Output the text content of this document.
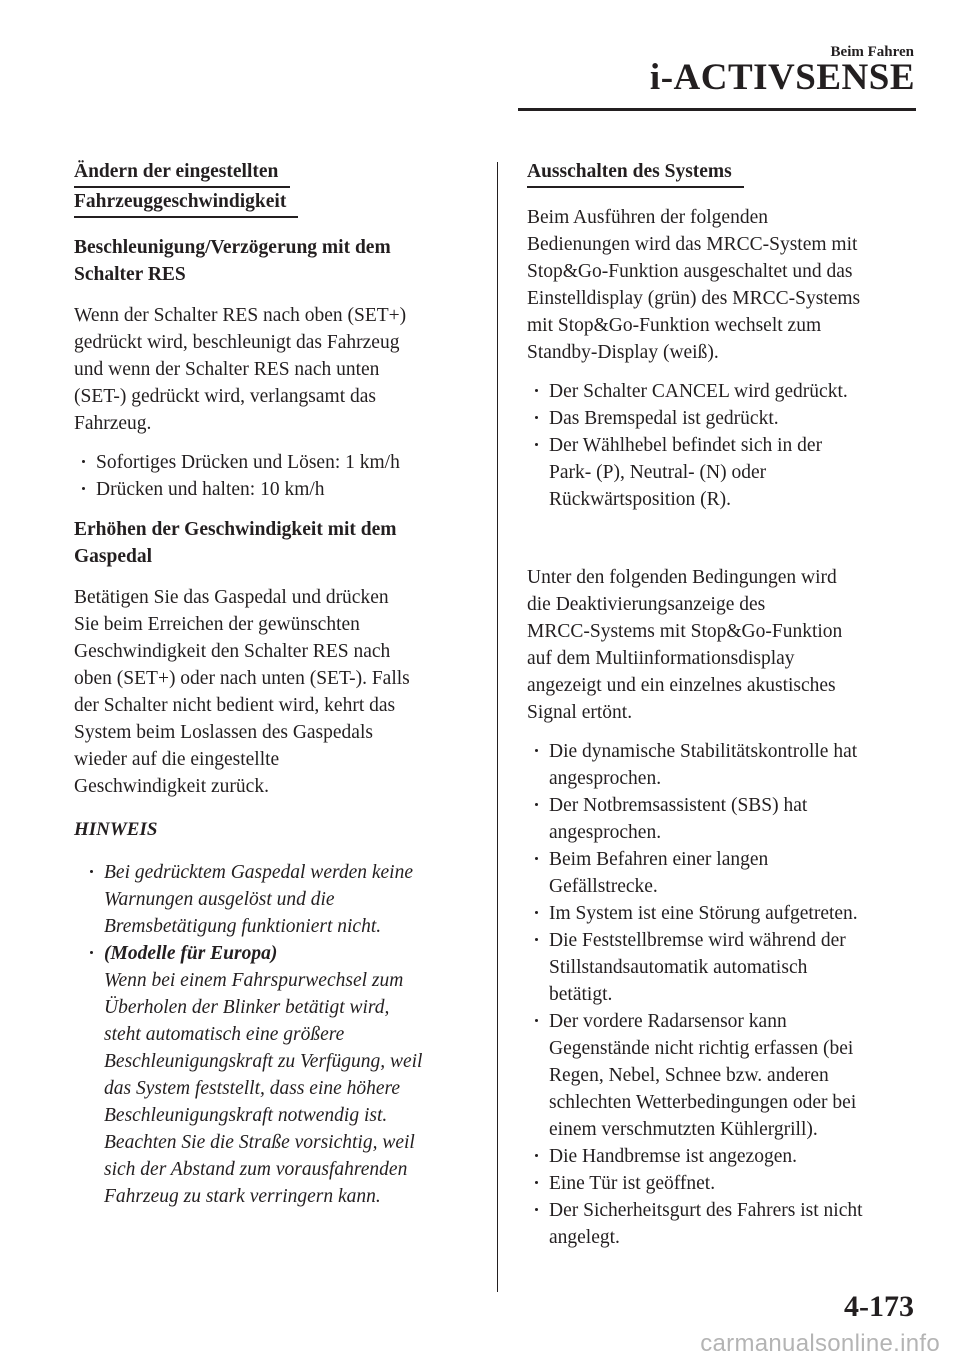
Beim Fahren
i-ACTIVSENSE
Ändern der eingestellten
Fahrzeuggeschwindigkeit
Beschleunigung/Verzögerung mit dem
Schalter RES

Wenn der Schalter RES nach oben (SET+)
gedrückt wird, beschleunigt das Fahrzeug
und wenn der Schalter RES nach unten
(SET-) gedrückt wird, verlangsamt das
Fahrzeug.

Sofortiges Drücken und Lösen: 1 km/h
Drücken und halten: 10 km/h
Erhöhen der Geschwindigkeit mit dem
Gaspedal

Betätigen Sie das Gaspedal und drücken
Sie beim Erreichen der gewünschten
Geschwindigkeit den Schalter RES nach
oben (SET+) oder nach unten (SET-). Falls
der Schalter nicht bedient wird, kehrt das
System beim Loslassen des Gaspedals
wieder auf die eingestellte
Geschwindigkeit zurück.

HINWEIS
Bei gedrücktem Gaspedal werden keine
Warnungen ausgelöst und die
Bremsbetätigung funktioniert nicht.
(Modelle für Europa)
Wenn bei einem Fahrspurwechsel zum
Überholen der Blinker betätigt wird,
steht automatisch eine größere
Beschleunigungskraft zu Verfügung, weil
das System feststellt, dass eine höhere
Beschleunigungskraft notwendig ist.
Beachten Sie die Straße vorsichtig, weil
sich der Abstand zum vorausfahrenden
Fahrzeug zu stark verringern kann.
Ausschalten des Systems

Beim Ausführen der folgenden
Bedienungen wird das MRCC-System mit
Stop&Go-Funktion ausgeschaltet und das
Einstelldisplay (grün) des MRCC-Systems
mit Stop&Go-Funktion wechselt zum
Standby-Display (weiß).

Der Schalter CANCEL wird gedrückt.
Das Bremspedal ist gedrückt.
Der Wählhebel befindet sich in der
Park- (P), Neutral- (N) oder
Rückwärtsposition (R).

Unter den folgenden Bedingungen wird
die Deaktivierungsanzeige des
MRCC-Systems mit Stop&Go-Funktion
auf dem Multiinformationsdisplay
angezeigt und ein einzelnes akustisches
Signal ertönt.

Die dynamische Stabilitätskontrolle hat
angesprochen.
Der Notbremsassistent (SBS) hat
angesprochen.
Beim Befahren einer langen
Gefällstrecke.
Im System ist eine Störung aufgetreten.
Die Feststellbremse wird während der
Stillstandsautomatik automatisch
betätigt.
Der vordere Radarsensor kann
Gegenstände nicht richtig erfassen (bei
Regen, Nebel, Schnee bzw. anderen
schlechten Wetterbedingungen oder bei
einem verschmutzten Kühlergrill).
Die Handbremse ist angezogen.
Eine Tür ist geöffnet.
Der Sicherheitsgurt des Fahrers ist nicht
angelegt.
4-173
carmanualsonline.info
